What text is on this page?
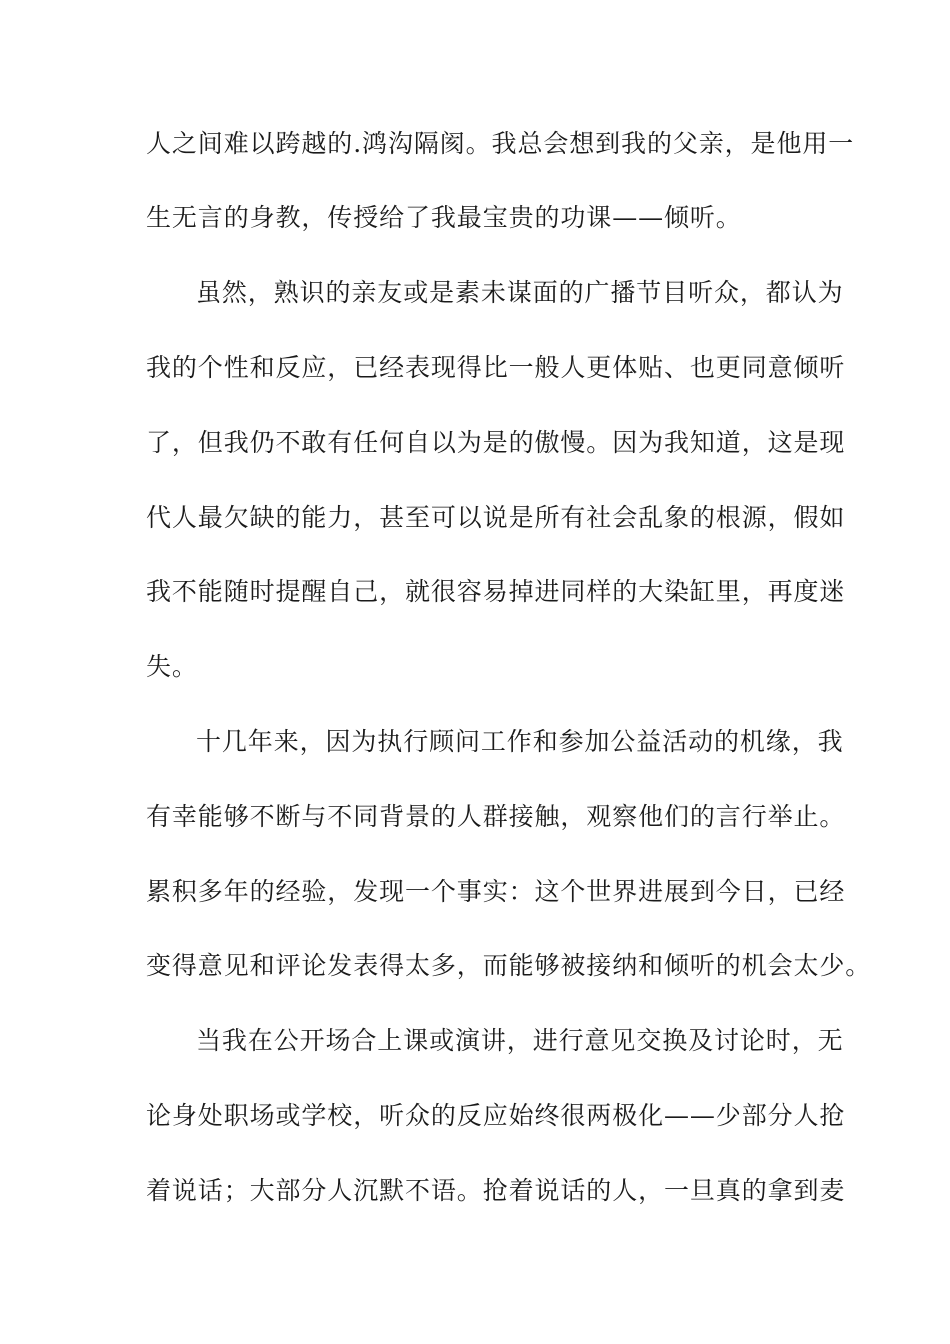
人之间难以跨越的.鸿沟隔阂。我总会想到我的父亲，是他用一
生无言的身教，传授给了我最宝贵的功课——倾听。
虽然，熟识的亲友或是素未谋面的广播节目听众，都认为
我的个性和反应，已经表现得比一般人更体贴、也更同意倾听
了，但我仍不敢有任何自以为是的傲慢。因为我知道，这是现
代人最欠缺的能力，甚至可以说是所有社会乱象的根源，假如
我不能随时提醒自己，就很容易掉进同样的大染缸里，再度迷
失。
十几年来，因为执行顾问工作和参加公益活动的机缘，我
有幸能够不断与不同背景的人群接触，观察他们的言行举止。
累积多年的经验，发现一个事实：这个世界进展到今日，已经
变得意见和评论发表得太多，而能够被接纳和倾听的机会太少。
当我在公开场合上课或演讲，进行意见交换及讨论时，无
论身处职场或学校，听众的反应始终很两极化——少部分人抢
着说话；大部分人沉默不语。抢着说话的人，一旦真的拿到麦
